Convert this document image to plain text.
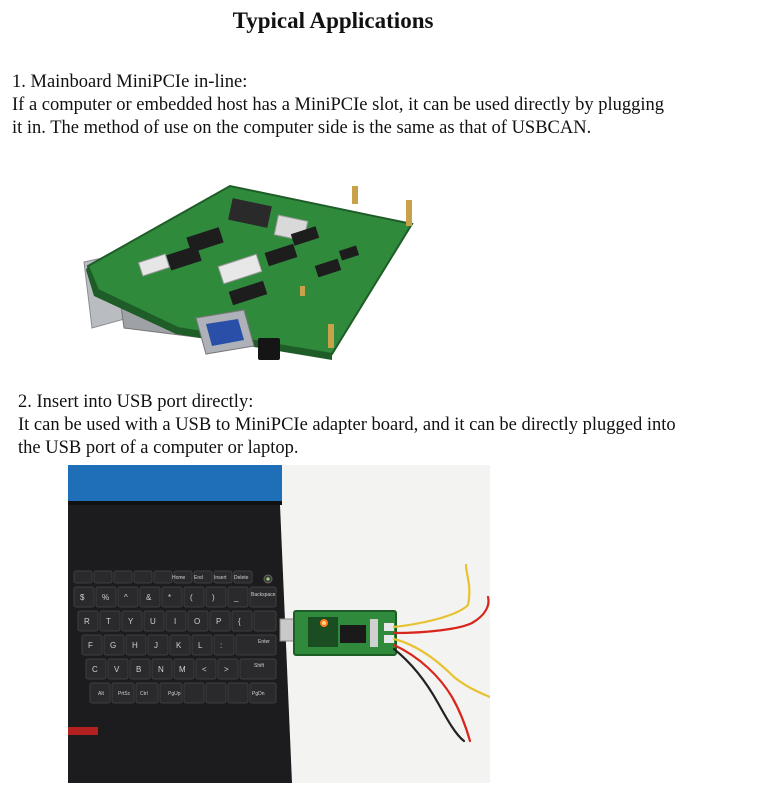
Typical Applications

1. Mainboard MiniPCIe in-line:

If a computer or embedded host has a MiniPCIe slot, it can be used directly by plugging

it in. The method of use on the computer side is the same as that of USBCAN.

2. Insert into USB port directly:

It can be used with a USB to MiniPCIe adapter board, and it can be directly plugged into

the USB port of a computer or laptop.

Home End Insert Delete
Backspace
Enter
Shift
Alt	PrtSc Ctrl	PgUp	PgDn
$ % ^ & * ( ) _
R T Y U I O P {
F G H J K L :
C V B N M < >
